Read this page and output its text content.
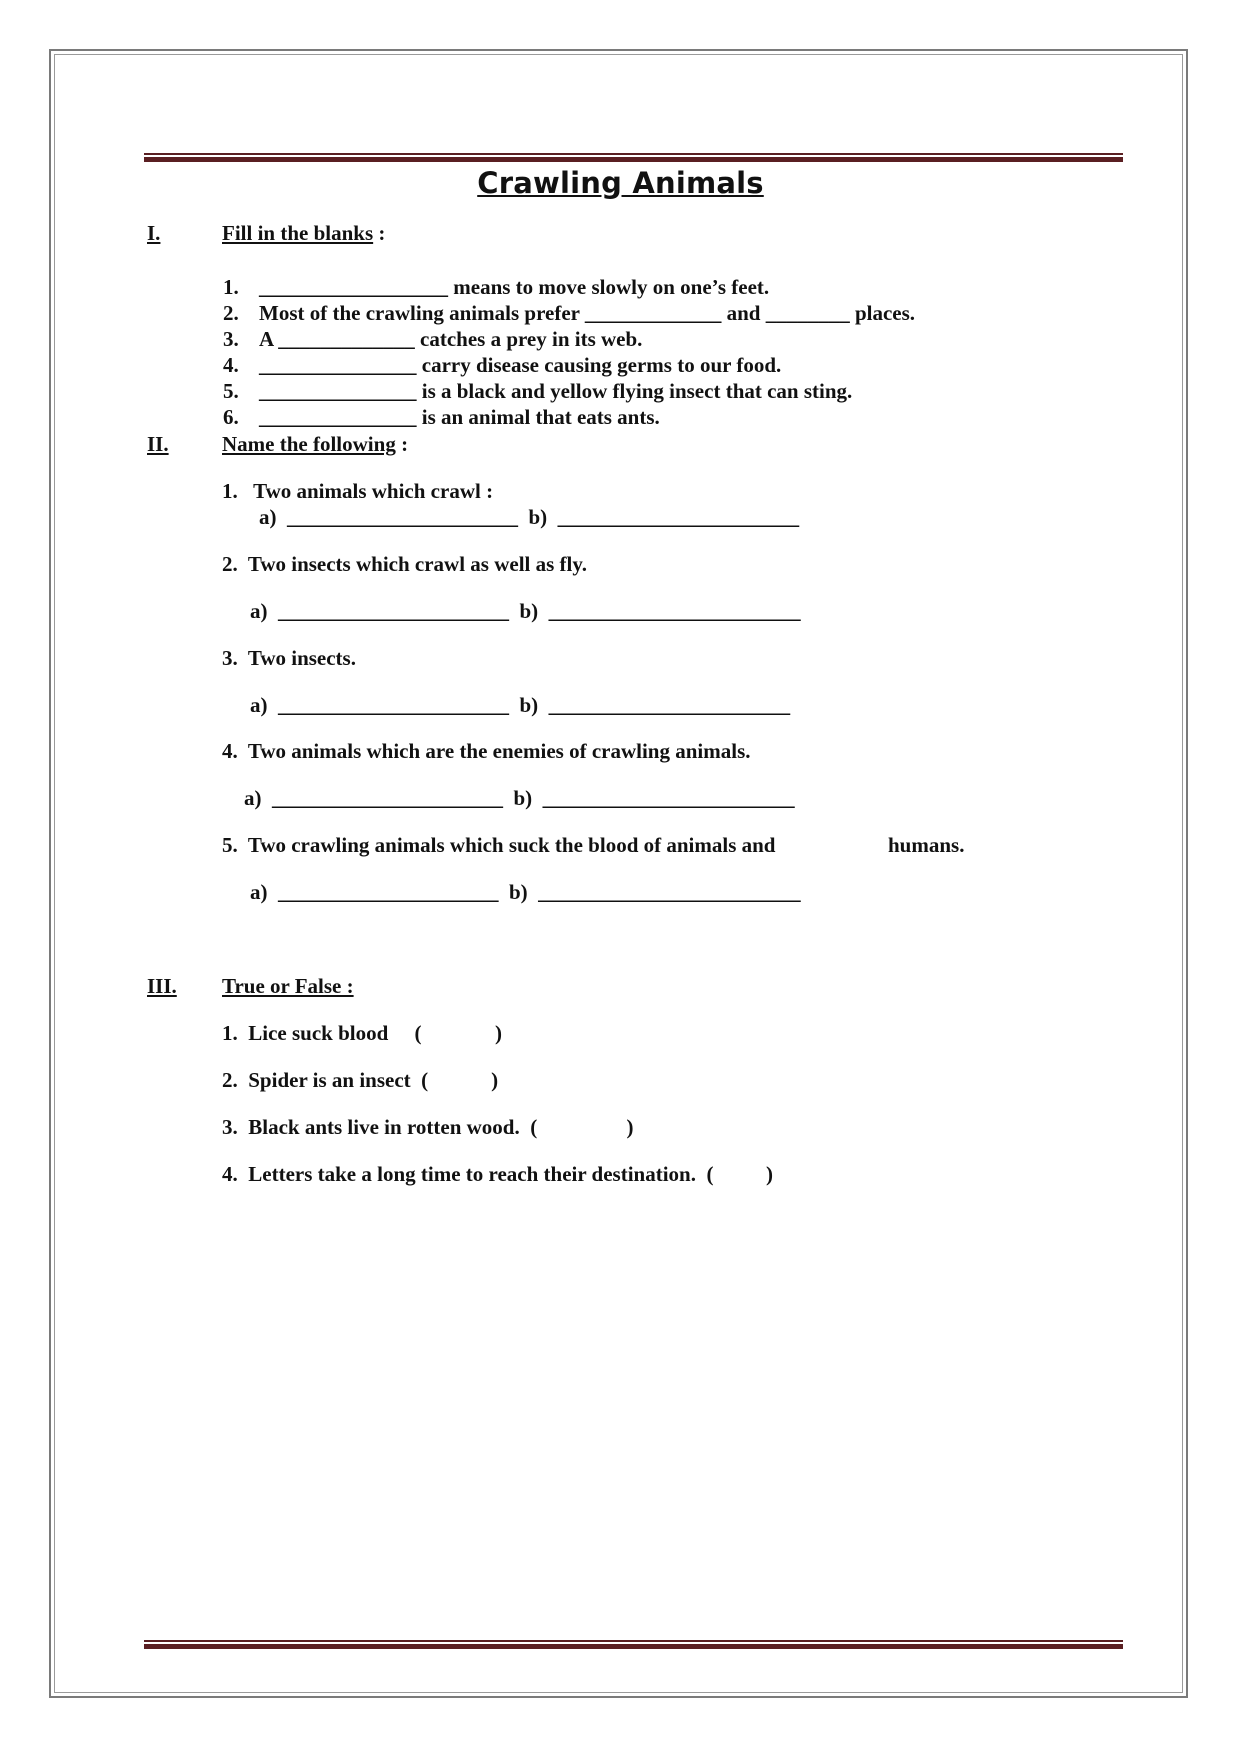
Crawling Animals
I.	Fill in the blanks :
1. __________________ means to move slowly on one’s feet.
2. Most of the crawling animals prefer _____________ and ________ places.
3. A _____________ catches a prey in its web.
4. _______________ carry disease causing germs to our food.
5. _______________ is a black and yellow flying insect that can sting.
6. _______________ is an animal that eats ants.
II.	Name the following :
1.   Two animals which crawl :
a)  ______________________  b)  _______________________
2.  Two insects which crawl as well as fly.
a)  ______________________  b)  ________________________
3.  Two insects.
a)  ______________________  b)  _______________________
4.  Two animals which are the enemies of crawling animals.
a)  ______________________  b)  ________________________
5.  Two crawling animals which suck the blood of animals and	humans.
a)  _____________________  b)  _________________________
III. True or False :
1.  Lice suck blood     (              )
2.  Spider is an insect  (            )
3.  Black ants live in rotten wood.  (                 )
4.  Letters take a long time to reach their destination.  (          )
